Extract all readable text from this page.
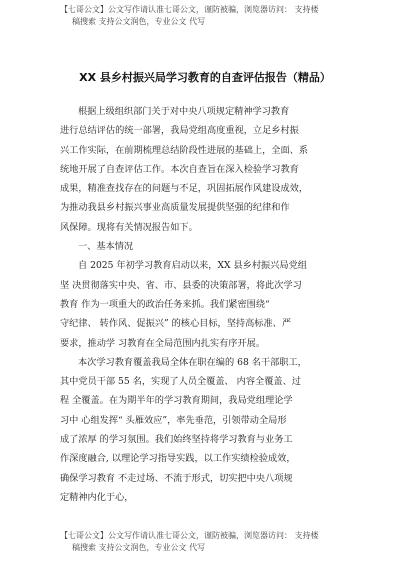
【七哥公文】公文写作请认准七哥公文，谨防被骗，浏览器访问： 支持楼
稿搜索 支持公文润色，专业公文 代写
XX 县乡村振兴局学习教育的自查评估报告（精品）

根据上级组织部门关于对中央八项规定精神学习教育
进行总结评估的统一部署，我局党组高度重视，立足乡村振
兴工作实际，在前期梳理总结阶段性进展的基础上，全面、系
统地开展了自查评估工作。本次自查旨在深入检验学习教育
成果，精准查找存在的问题与不足，巩固拓展作风建设成效，
为推动我县乡村振兴事业高质量发展提供坚强的纪律和作
风保障。现将有关情况报告如下。

一、基本情况

自 2025 年初学习教育启动以来，XX 县乡村振兴局党组
坚 决贯彻落实中央、省、市、县委的决策部署，将此次学习
教育 作为一项重大的政治任务来抓。我们紧密围绕“
守纪律、 转作风、促振兴” 的核心目标，坚持高标准、严
要求，推动学 习教育在全局范围内扎实有序开展。

本次学习教育覆盖我局全体在职在编的 68 名干部职工，
其中党员干部 55 名，实现了人员全覆盖、 内容全覆盖、过
程 全覆盖。在为期半年的学习教育期间，我局党组理论学
习中 心组发挥“ 头雁效应”，率先垂范，引领带动全局形
成了浓厚 的学习氛围。我们始终坚持将学习教育与业务工
作深度融合, 以理论学习指导实践，以工作实绩检验成效，
确保学习教育 不走过场、不流于形式，切实把中央八项规
定精神内化于心，

【七哥公文】公文写作请认准七哥公文，谨防被骗，浏览器访问： 支持楼
稿搜索 支持公文润色，专业公文 代写
